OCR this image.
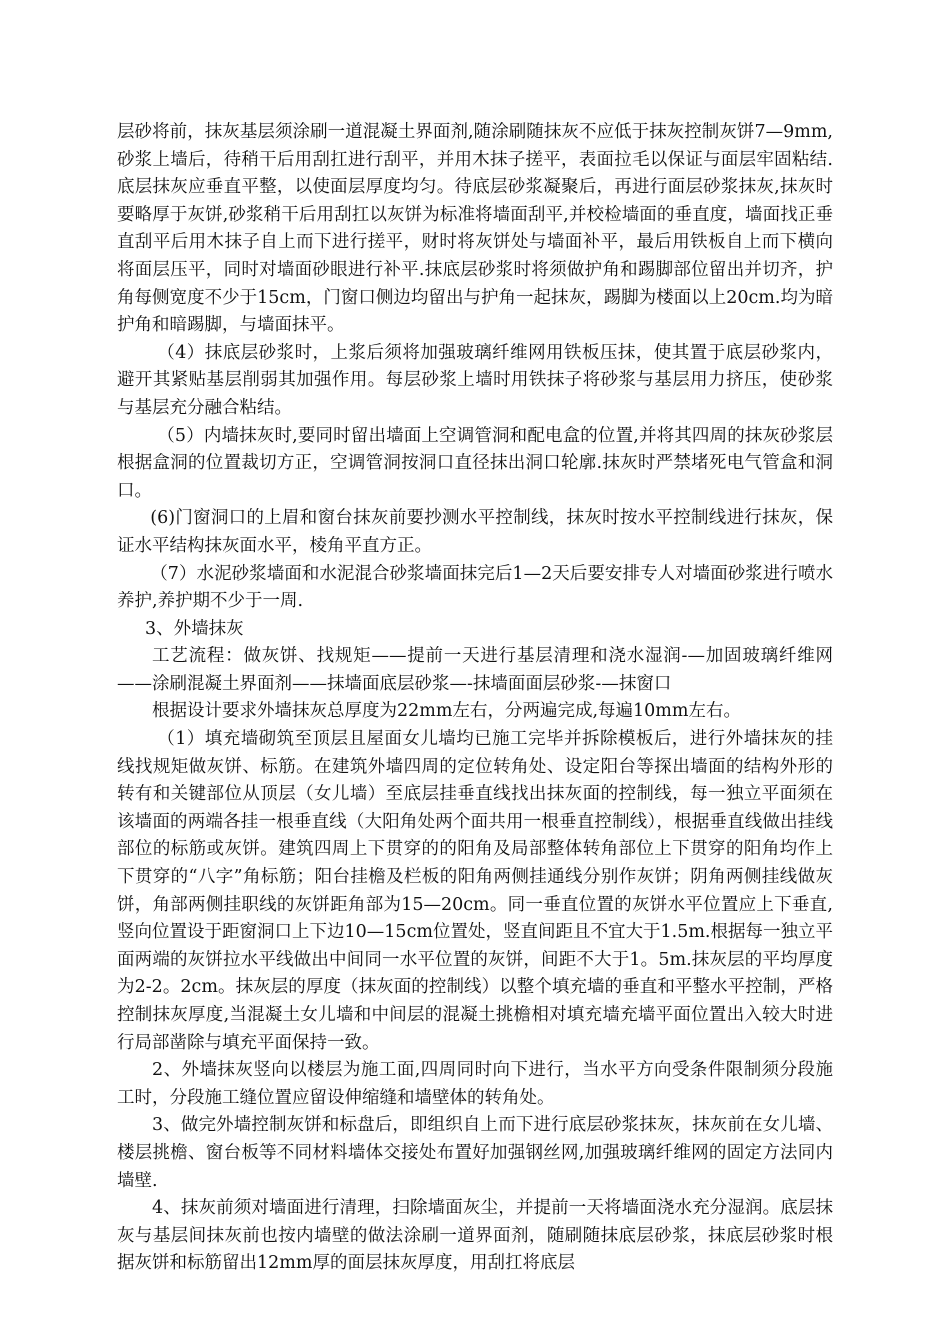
层砂将前，抹灰基层须涂刷一道混凝土界面剂,随涂刷随抹灰不应低于抹灰控制灰饼7—9mm,砂浆上墙后，待稍干后用刮扛进行刮平，并用木抹子搓平，表面拉毛以保证与面层牢固粘结.底层抹灰应垂直平整，以使面层厚度均匀。待底层砂浆凝聚后，再进行面层砂浆抹灰,抹灰时要略厚于灰饼,砂浆稍干后用刮扛以灰饼为标准将墙面刮平,并校检墙面的垂直度，墙面找正垂直刮平后用木抹子自上而下进行搓平，财时将灰饼处与墙面补平，最后用铁板自上而下横向将面层压平，同时对墙面砂眼进行补平.抹底层砂浆时将须做护角和踢脚部位留出并切齐，护角每侧宽度不少于15cm，门窗口侧边均留出与护角一起抹灰，踢脚为楼面以上20cm.均为暗护角和暗踢脚，与墙面抹平。

（4）抹底层砂浆时，上浆后须将加强玻璃纤维网用铁板压抹，使其置于底层砂浆内，避开其紧贴基层削弱其加强作用。每层砂浆上墙时用铁抹子将砂浆与基层用力挤压，使砂浆与基层充分融合粘结。

（5）内墙抹灰时,要同时留出墙面上空调管洞和配电盒的位置,并将其四周的抹灰砂浆层根据盒洞的位置裁切方正，空调管洞按洞口直径抹出洞口轮廓.抹灰时严禁堵死电气管盒和洞口。

(6)门窗洞口的上眉和窗台抹灰前要抄测水平控制线，抹灰时按水平控制线进行抹灰，保证水平结构抹灰面水平，棱角平直方正。

（7）水泥砂浆墙面和水泥混合砂浆墙面抹完后1—2天后要安排专人对墙面砂浆进行喷水养护,养护期不少于一周.

3、外墙抹灰

工艺流程：做灰饼、找规矩——提前一天进行基层清理和浇水湿润-—加固玻璃纤维网——涂刷混凝土界面剂——抹墙面底层砂浆—-抹墙面面层砂浆-—抹窗口

根据设计要求外墙抹灰总厚度为22mm左右，分两遍完成,每遍10mm左右。

（1）填充墙砌筑至顶层且屋面女儿墙均已施工完毕并拆除模板后，进行外墙抹灰的挂线找规矩做灰饼、标筋。在建筑外墙四周的定位转角处、设定阳台等探出墙面的结构外形的转有和关键部位从顶层（女儿墙）至底层挂垂直线找出抹灰面的控制线，每一独立平面须在该墙面的两端各挂一根垂直线（大阳角处两个面共用一根垂直控制线），根据垂直线做出挂线部位的标筋或灰饼。建筑四周上下贯穿的的阳角及局部整体转角部位上下贯穿的阳角均作上下贯穿的“八字”角标筋；阳台挂檐及栏板的阳角两侧挂通线分别作灰饼；阴角两侧挂线做灰饼，角部两侧挂职线的灰饼距角部为15—20cm。同一垂直位置的灰饼水平位置应上下垂直,竖向位置设于距窗洞口上下边10—15cm位置处，竖直间距且不宜大于1.5m.根据每一独立平面两端的灰饼拉水平线做出中间同一水平位置的灰饼，间距不大于1。5m.抹灰层的平均厚度为2-2。2cm。抹灰层的厚度（抹灰面的控制线）以整个填充墙的垂直和平整水平控制，严格控制抹灰厚度,当混凝土女儿墙和中间层的混凝土挑檐相对填充墙充墙平面位置出入较大时进行局部凿除与填充平面保持一致。

2、外墙抹灰竖向以楼层为施工面,四周同时向下进行，当水平方向受条件限制须分段施工时，分段施工缝位置应留设伸缩缝和墙壁体的转角处。

3、做完外墙控制灰饼和标盘后，即组织自上而下进行底层砂浆抹灰，抹灰前在女儿墙、楼层挑檐、窗台板等不同材料墙体交接处布置好加强钢丝网,加强玻璃纤维网的固定方法同内墙壁.

4、抹灰前须对墙面进行清理，扫除墙面灰尘，并提前一天将墙面浇水充分湿润。底层抹灰与基层间抹灰前也按内墙壁的做法涂刷一道界面剂，随刷随抹底层砂浆，抹底层砂浆时根据灰饼和标筋留出12mm厚的面层抹灰厚度，用刮扛将底层
